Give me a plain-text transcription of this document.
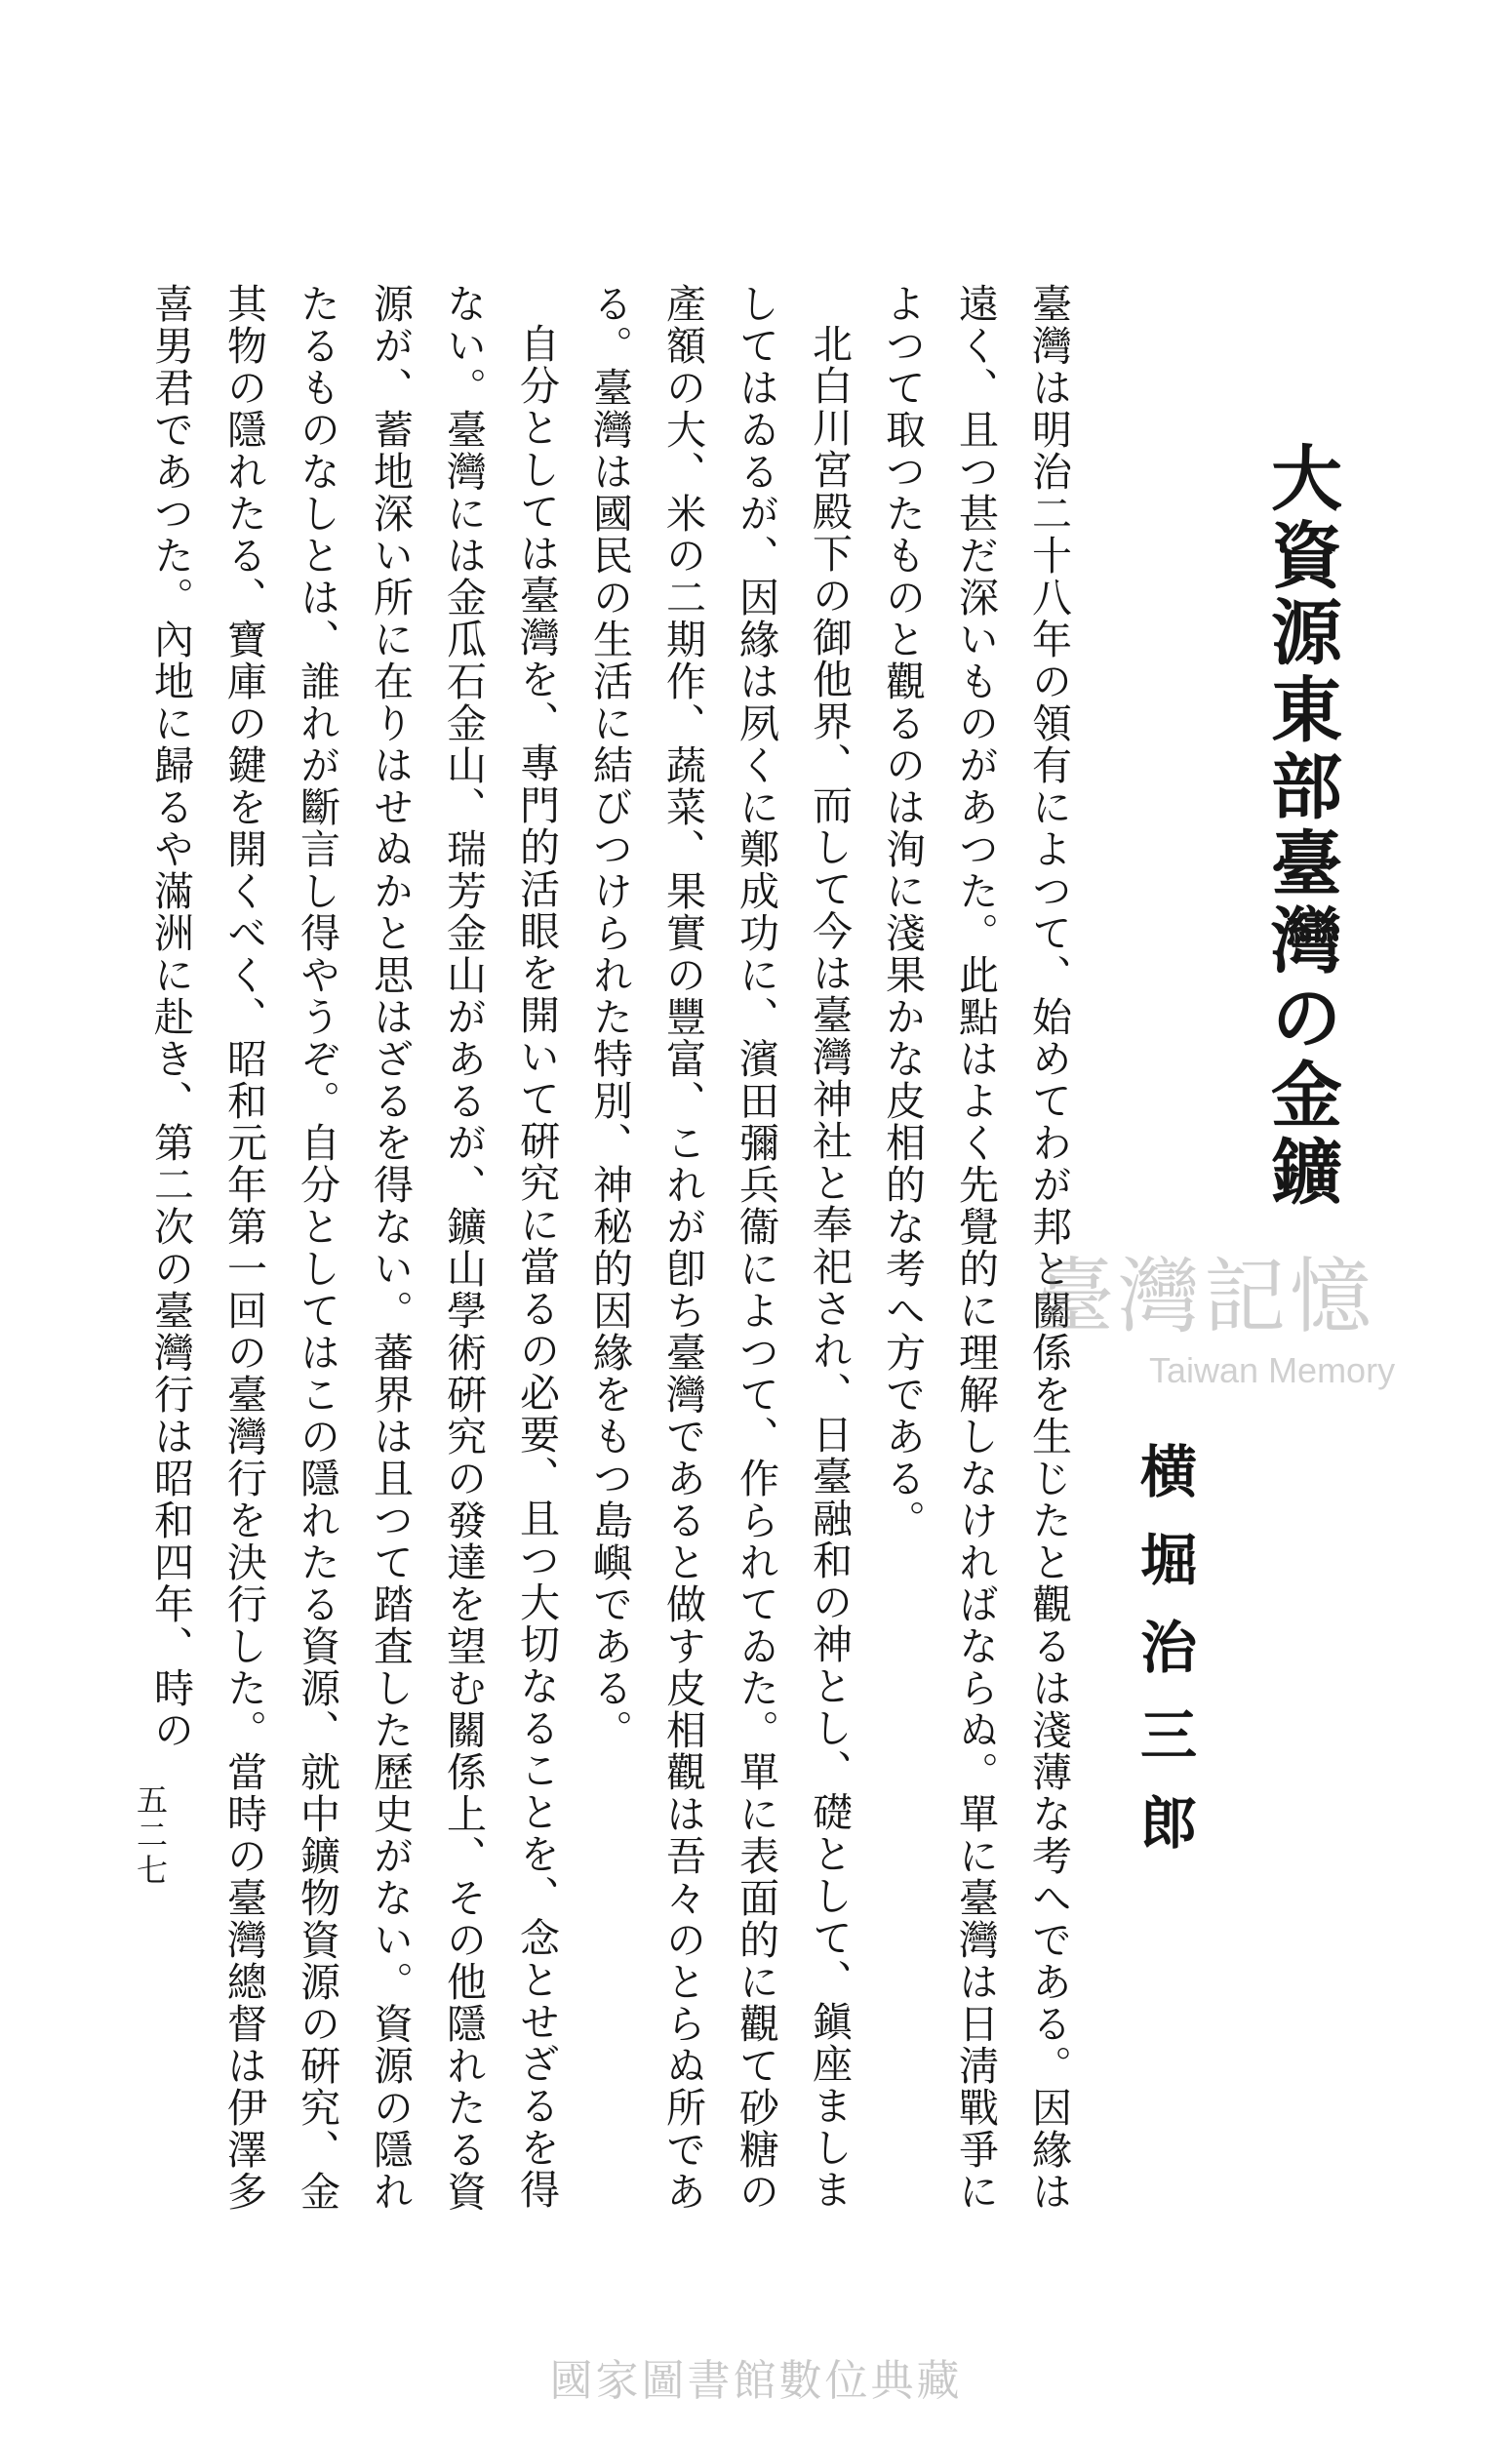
大資源東部臺灣の金鑛
横堀治三郎

臺灣は明治二十八年の領有によつて、始めてわが邦と關係を生じたと觀るは淺薄な考へである。因緣は遠く、且つ甚だ深いものがあつた。此點はよく先覺的に理解しなければならぬ。單に臺灣は日淸戰爭によつて取つたものと觀るのは洵に淺果かな皮相的な考へ方である。

北白川宮殿下の御他界、而して今は臺灣神社と奉祀され、日臺融和の神とし、礎として、鎭座ましましてはゐるが、因緣は夙くに鄭成功に、濱田彌兵衞によつて、作られてゐた。單に表面的に觀て砂糖の產額の大、米の二期作、蔬菜、果實の豐富、これが卽ち臺灣であると做す皮相觀は吾々のとらぬ所である。臺灣は國民の生活に結びつけられた特別、神秘的因緣をもつ島嶼である。

自分としては臺灣を、專門的活眼を開いて硏究に當るの必要、且つ大切なることを、念とせざるを得ない。臺灣には金瓜石金山、瑞芳金山があるが、鑛山學術硏究の發達を望む關係上、その他隱れたる資源が、蓄地深い所に在りはせぬかと思はざるを得ない。蕃界は且つて踏査した歷史がない。資源の隱れたるものなしとは、誰れが斷言し得やうぞ。自分としてはこの隱れたる資源、就中鑛物資源の硏究、金其物の隱れたる、寶庫の鍵を開くべく、昭和元年第一回の臺灣行を決行した。當時の臺灣總督は伊澤多喜男君であつた。內地に歸るや滿洲に赴き、第二次の臺灣行は昭和四年、時の

五二七
臺灣記憶
Taiwan Memory
國家圖書館數位典藏
